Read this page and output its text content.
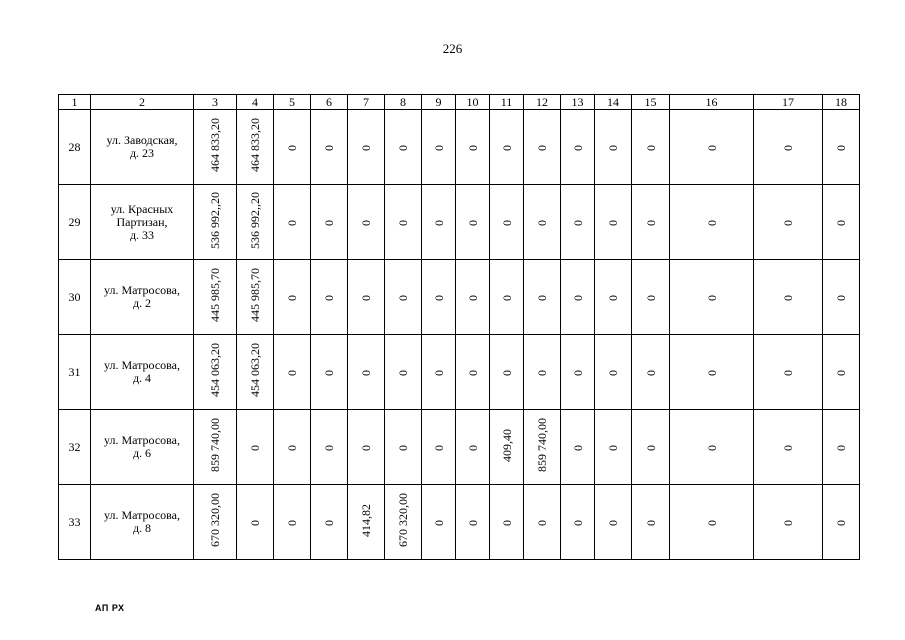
226
1	2	3	4	5	6	7	8	9	10	11	12	13	14	15	16	17	18
28	ул. Заводская,
д. 23	464 833,20	464 833,20	0	0	0	0	0	0	0	0	0	0	0	0	0	0
29	ул. Красных
Партизан,
д. 33	536 992,,20	536 992,,20	0	0	0	0	0	0	0	0	0	0	0	0	0	0
30	ул. Матросова,
д. 2	445 985,70	445 985,70	0	0	0	0	0	0	0	0	0	0	0	0	0	0
31	ул. Матросова,
д. 4	454 063,20	454 063,20	0	0	0	0	0	0	0	0	0	0	0	0	0	0
32	ул. Матросова,
д. 6	859 740,00	0	0	0	0	0	0	0	409,40	859 740,00	0	0	0	0	0	0
33	ул. Матросова,
д. 8	670 320,00	0	0	0	414,82	670 320,00	0	0	0	0	0	0	0	0	0	0
АП РХ
